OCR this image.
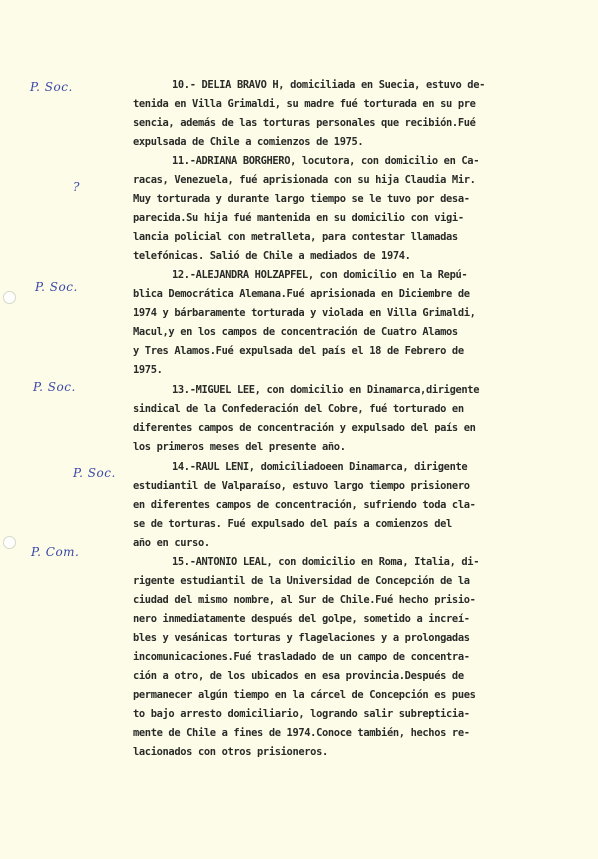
P. Soc.
?
P. Soc.
P. Soc.
P. Soc.
P. Com.
10.- DELIA BRAVO H, domiciliada en Suecia, estuvo de-
tenida en Villa Grimaldi, su madre fué torturada en su pre
sencia, además de las torturas personales que recibión.Fué
expulsada de Chile a comienzos de 1975.
11.-ADRIANA BORGHERO, locutora, con domicilio en Ca-
racas, Venezuela, fué aprisionada con su hija Claudia Mir.
Muy torturada y durante largo tiempo se le tuvo por desa-
parecida.Su hija fué mantenida en su domicilio con vigi-
lancia policial con metralleta, para contestar llamadas
telefónicas. Salió de Chile a mediados de 1974.
12.-ALEJANDRA HOLZAPFEL, con domicilio en la Repú-
blica Democrática Alemana.Fué aprisionada en Diciembre de
1974 y bárbaramente torturada y violada en Villa Grimaldi,
Macul,y en los campos de concentración de Cuatro Alamos
y Tres Alamos.Fué expulsada del país el 18 de Febrero de
1975.
13.-MIGUEL LEE, con domicilio en Dinamarca,dirigente
sindical de la Confederación del Cobre, fué torturado en
diferentes campos de concentración y expulsado del país en
los primeros meses del presente año.
14.-RAUL LENI, domiciliadoeen Dinamarca, dirigente
estudiantil de Valparaíso, estuvo largo tiempo prisionero
en diferentes campos de concentración, sufriendo toda cla-
se de torturas. Fué expulsado del país a comienzos del
año en curso.
15.-ANTONIO LEAL, con domicilio en Roma, Italia, di-
rigente estudiantil de la Universidad de Concepción de la
ciudad del mismo nombre, al Sur de Chile.Fué hecho prisio-
nero inmediatamente después del golpe, sometido a increí-
bles y vesánicas torturas y flagelaciones y a prolongadas
incomunicaciones.Fué trasladado de un campo de concentra-
ción a otro, de los ubicados en esa provincia.Después de
permanecer algún tiempo en la cárcel de Concepción es pues
to bajo arresto domiciliario, logrando salir subrepticia-
mente de Chile a fines de 1974.Conoce también, hechos re-
lacionados con otros prisioneros.
